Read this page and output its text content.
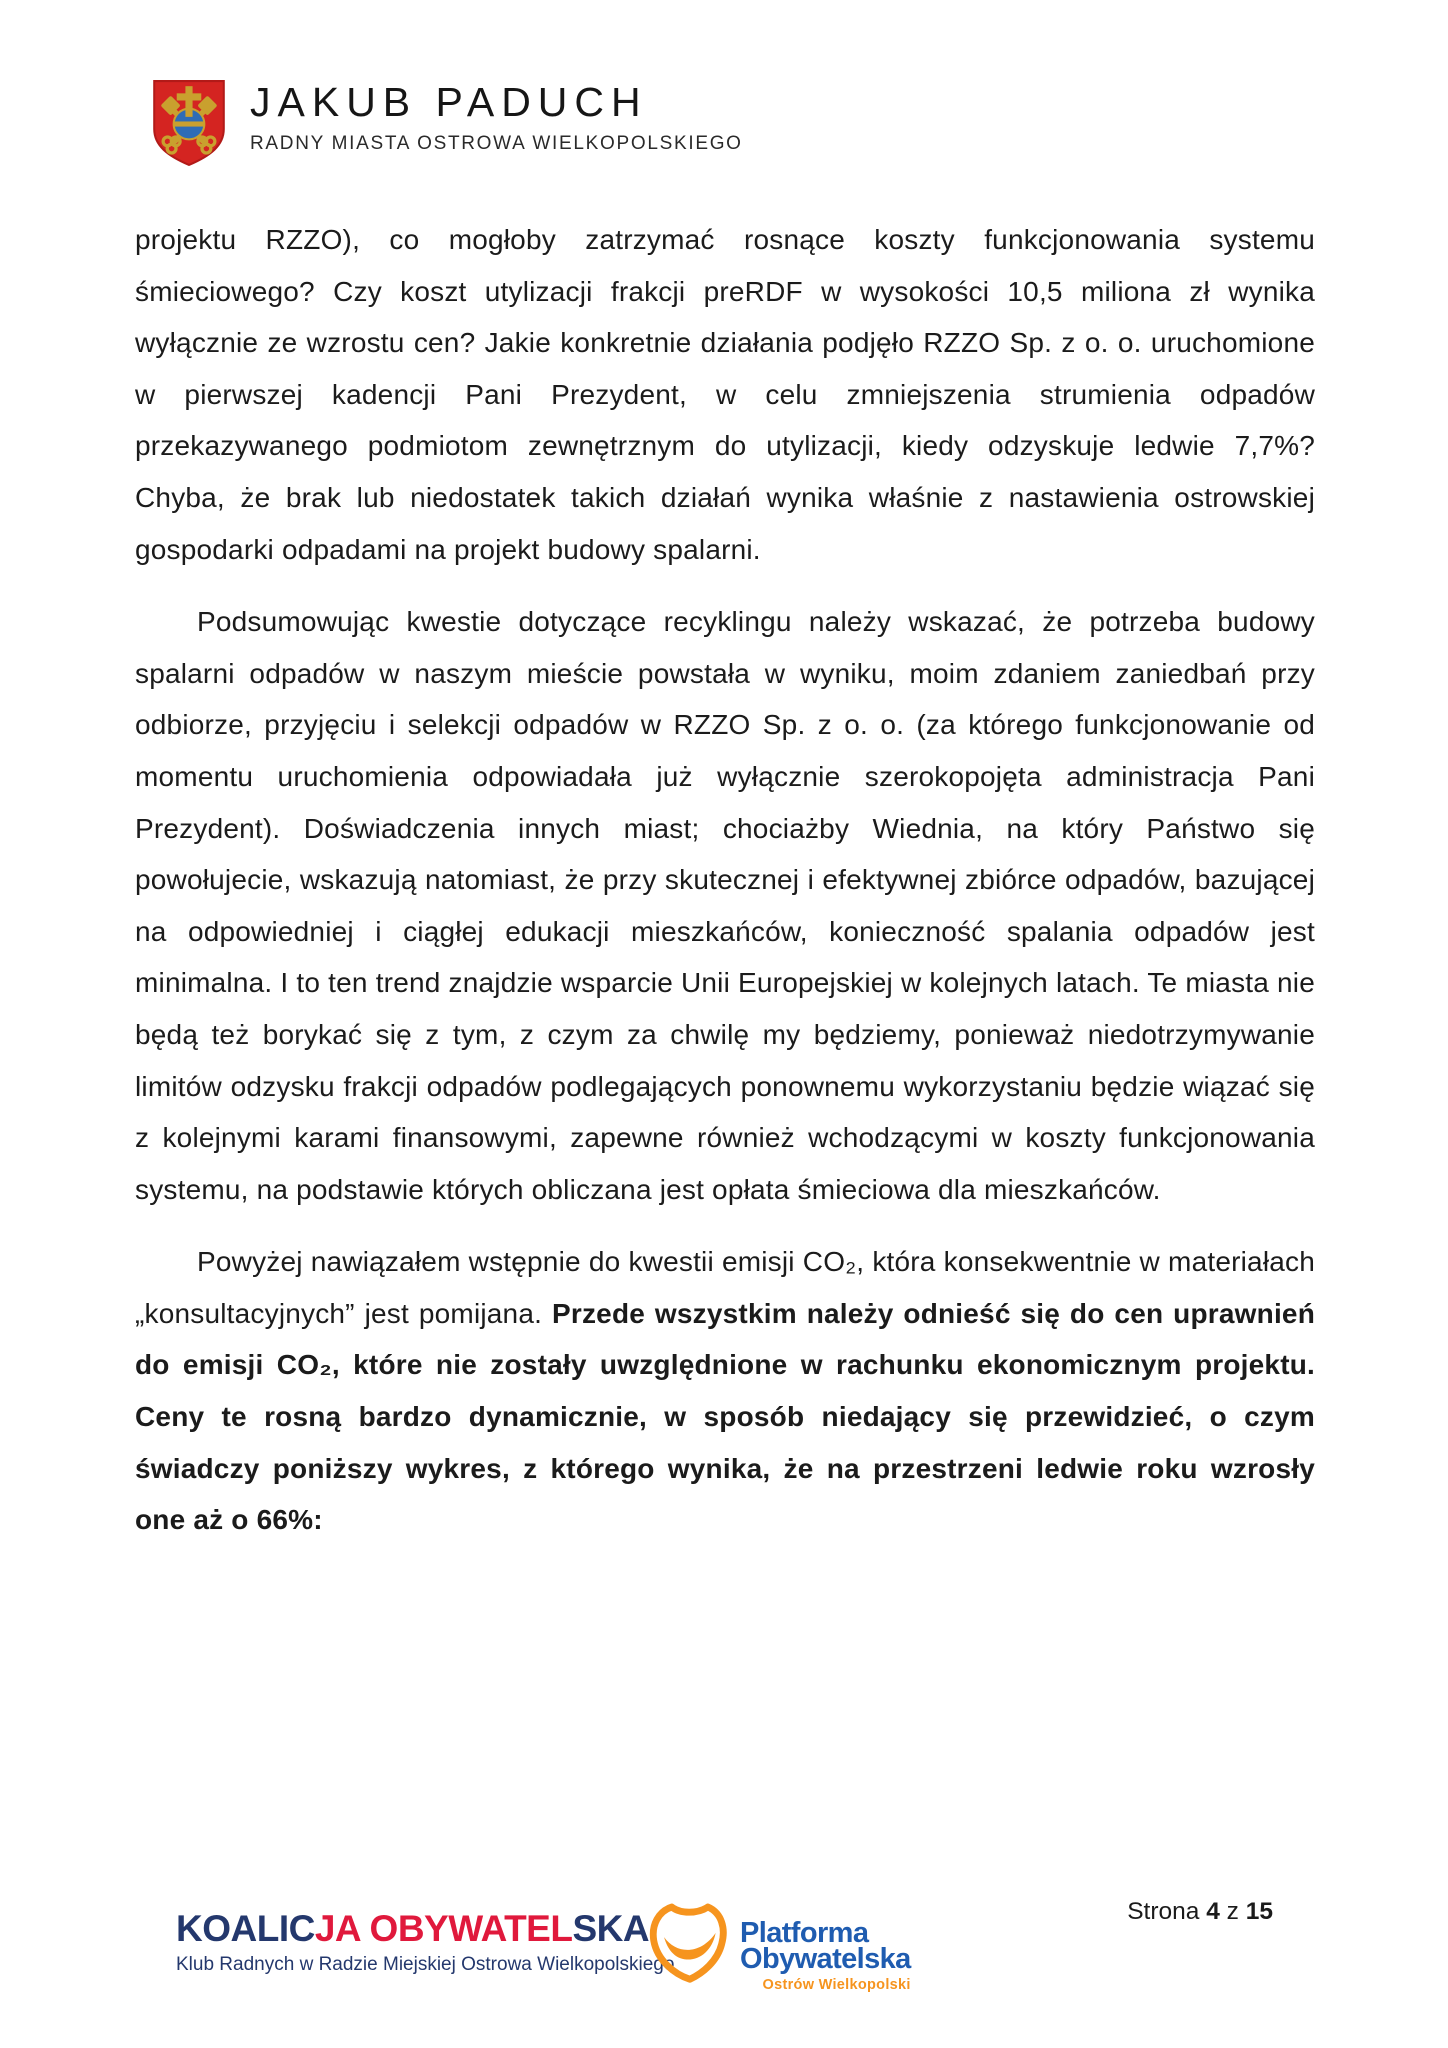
JAKUB PADUCH
RADNY MIASTA OSTROWA WIELKOPOLSKIEGO

projektu RZZO), co mogłoby zatrzymać rosnące koszty funkcjonowania systemu śmieciowego? Czy koszt utylizacji frakcji preRDF w wysokości 10,5 miliona zł wynika wyłącznie ze wzrostu cen? Jakie konkretnie działania podjęło RZZO Sp. z o. o. uruchomione w pierwszej kadencji Pani Prezydent, w celu zmniejszenia strumienia odpadów przekazywanego podmiotom zewnętrznym do utylizacji, kiedy odzyskuje ledwie 7,7%? Chyba, że brak lub niedostatek takich działań wynika właśnie z nastawienia ostrowskiej gospodarki odpadami na projekt budowy spalarni.

Podsumowując kwestie dotyczące recyklingu należy wskazać, że potrzeba budowy spalarni odpadów w naszym mieście powstała w wyniku, moim zdaniem zaniedbań przy odbiorze, przyjęciu i selekcji odpadów w RZZO Sp. z o. o. (za którego funkcjonowanie od momentu uruchomienia odpowiadała już wyłącznie szerokopojęta administracja Pani Prezydent). Doświadczenia innych miast; chociażby Wiednia, na który Państwo się powołujecie, wskazują natomiast, że przy skutecznej i efektywnej zbiórce odpadów, bazującej na odpowiedniej i ciągłej edukacji mieszkańców, konieczność spalania odpadów jest minimalna. I to ten trend znajdzie wsparcie Unii Europejskiej w kolejnych latach. Te miasta nie będą też borykać się z tym, z czym za chwilę my będziemy, ponieważ niedotrzymywanie limitów odzysku frakcji odpadów podlegających ponownemu wykorzystaniu będzie wiązać się z kolejnymi karami finansowymi, zapewne również wchodzącymi w koszty funkcjonowania systemu, na podstawie których obliczana jest opłata śmieciowa dla mieszkańców.

Powyżej nawiązałem wstępnie do kwestii emisji CO₂, która konsekwentnie w materiałach „konsultacyjnych” jest pomijana. Przede wszystkim należy odnieść się do cen uprawnień do emisji CO₂, które nie zostały uwzględnione w rachunku ekonomicznym projektu. Ceny te rosną bardzo dynamicznie, w sposób niedający się przewidzieć, o czym świadczy poniższy wykres, z którego wynika, że na przestrzeni ledwie roku wzrosły one aż o 66%:

KOALICJA OBYWATELSKA
Klub Radnych w Radzie Miejskiej Ostrowa Wielkopolskiego
Platforma
Obywatelska
Ostrów Wielkopolski
Strona 4 z 15
